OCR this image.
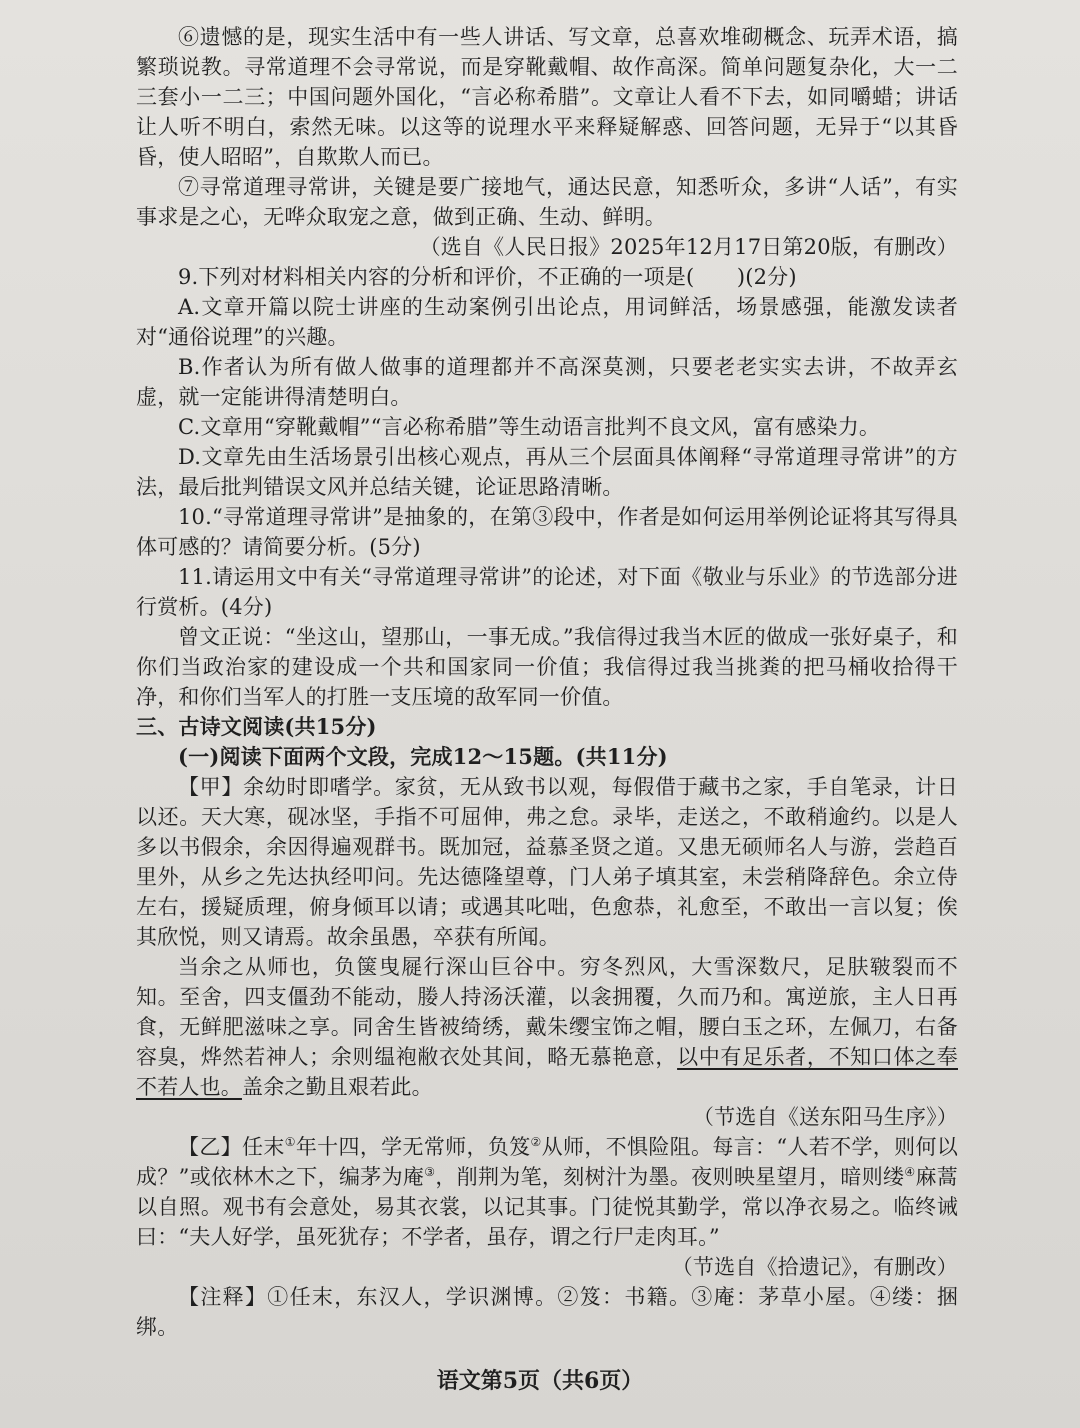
⑥遗憾的是，现实生活中有一些人讲话、写文章，总喜欢堆砌概念、玩弄术语，搞繁琐说教。寻常道理不会寻常说，而是穿靴戴帽、故作高深。简单问题复杂化，大一二三套小一二三；中国问题外国化，“言必称希腊”。文章让人看不下去，如同嚼蜡；讲话让人听不明白，索然无味。以这等的说理水平来释疑解惑、回答问题，无异于“以其昏昏，使人昭昭”，自欺欺人而已。

⑦寻常道理寻常讲，关键是要广接地气，通达民意，知悉听众，多讲“人话”，有实事求是之心，无哗众取宠之意，做到正确、生动、鲜明。

（选自《人民日报》2025年12月17日第20版，有删改）

9.下列对材料相关内容的分析和评价，不正确的一项是(　　)(2分)

A.文章开篇以院士讲座的生动案例引出论点，用词鲜活，场景感强，能激发读者对“通俗说理”的兴趣。

B.作者认为所有做人做事的道理都并不高深莫测，只要老老实实去讲，不故弄玄虚，就一定能讲得清楚明白。

C.文章用“穿靴戴帽”“言必称希腊”等生动语言批判不良文风，富有感染力。

D.文章先由生活场景引出核心观点，再从三个层面具体阐释“寻常道理寻常讲”的方法，最后批判错误文风并总结关键，论证思路清晰。

10.“寻常道理寻常讲”是抽象的，在第③段中，作者是如何运用举例论证将其写得具体可感的？请简要分析。(5分)

11.请运用文中有关“寻常道理寻常讲”的论述，对下面《敬业与乐业》的节选部分进行赏析。(4分)

曾文正说：“坐这山，望那山，一事无成。”我信得过我当木匠的做成一张好桌子，和你们当政治家的建设成一个共和国家同一价值；我信得过我当挑粪的把马桶收拾得干净，和你们当军人的打胜一支压境的敌军同一价值。

三、古诗文阅读(共15分)

(一)阅读下面两个文段，完成12～15题。(共11分)

【甲】余幼时即嗜学。家贫，无从致书以观，每假借于藏书之家，手自笔录，计日以还。天大寒，砚冰坚，手指不可屈伸，弗之怠。录毕，走送之，不敢稍逾约。以是人多以书假余，余因得遍观群书。既加冠，益慕圣贤之道。又患无硕师名人与游，尝趋百里外，从乡之先达执经叩问。先达德隆望尊，门人弟子填其室，未尝稍降辞色。余立侍左右，援疑质理，俯身倾耳以请；或遇其叱咄，色愈恭，礼愈至，不敢出一言以复；俟其欣悦，则又请焉。故余虽愚，卒获有所闻。

当余之从师也，负箧曳屣行深山巨谷中。穷冬烈风，大雪深数尺，足肤皲裂而不知。至舍，四支僵劲不能动，媵人持汤沃灌，以衾拥覆，久而乃和。寓逆旅，主人日再食，无鲜肥滋味之享。同舍生皆被绮绣，戴朱缨宝饰之帽，腰白玉之环，左佩刀，右备容臭，烨然若神人；余则缊袍敝衣处其间，略无慕艳意，以中有足乐者，不知口体之奉不若人也。盖余之勤且艰若此。

（节选自《送东阳马生序》）

【乙】任末①年十四，学无常师，负笈②从师，不惧险阻。每言：“人若不学，则何以成？”或依林木之下，编茅为庵③，削荆为笔，刻树汁为墨。夜则映星望月，暗则缕④麻蒿以自照。观书有会意处，易其衣裳，以记其事。门徒悦其勤学，常以净衣易之。临终诫曰：“夫人好学，虽死犹存；不学者，虽存，谓之行尸走肉耳。”

（节选自《拾遗记》，有删改）

【注释】①任末，东汉人，学识渊博。②笈：书籍。③庵：茅草小屋。④缕：捆绑。

语文第5页（共6页）
